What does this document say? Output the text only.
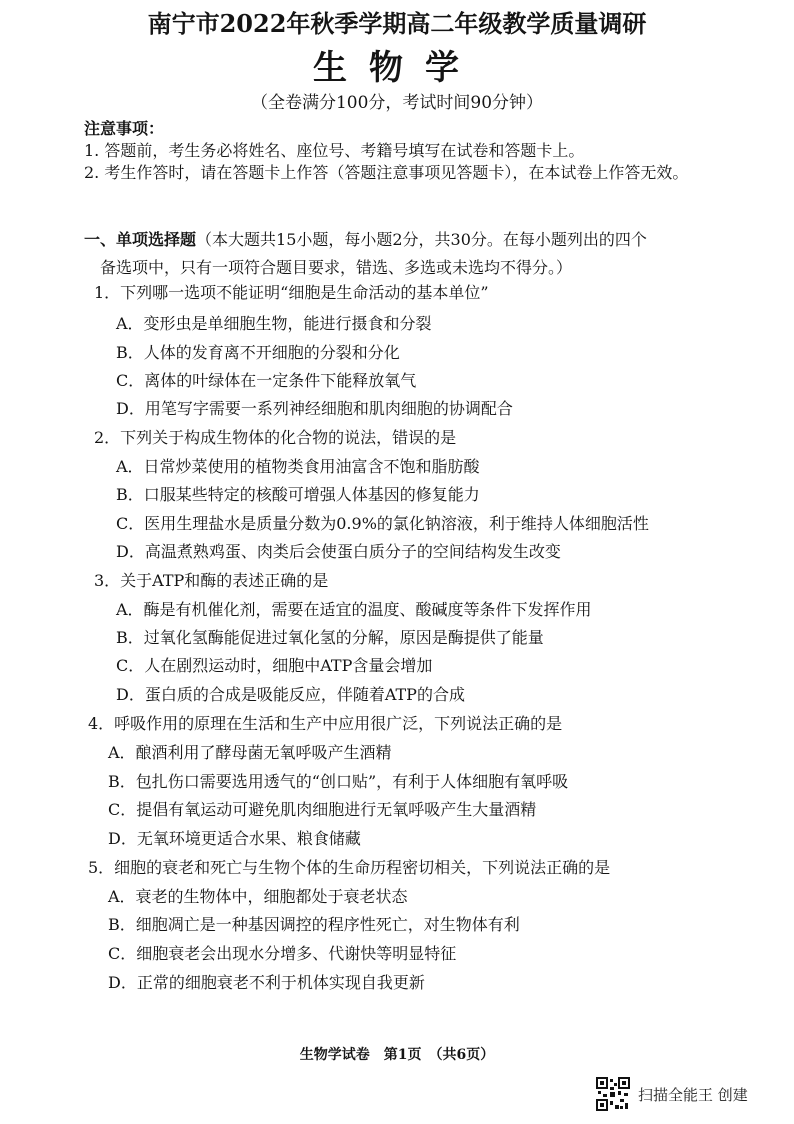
南宁市2022年秋季学期高二年级教学质量调研
生物学
（全卷满分100分，考试时间90分钟）
注意事项：
1. 答题前，考生务必将姓名、座位号、考籍号填写在试卷和答题卡上。
2. 考生作答时，请在答题卡上作答（答题注意事项见答题卡），在本试卷上作答无效。
一、单项选择题（本大题共15小题，每小题2分，共30分。在每小题列出的四个
备选项中，只有一项符合题目要求，错选、多选或未选均不得分。）
1．下列哪一选项不能证明“细胞是生命活动的基本单位”
A．变形虫是单细胞生物，能进行摄食和分裂
B．人体的发育离不开细胞的分裂和分化
C．离体的叶绿体在一定条件下能释放氧气
D．用笔写字需要一系列神经细胞和肌肉细胞的协调配合
2．下列关于构成生物体的化合物的说法，错误的是
A．日常炒菜使用的植物类食用油富含不饱和脂肪酸
B．口服某些特定的核酸可增强人体基因的修复能力
C．医用生理盐水是质量分数为0.9%的氯化钠溶液，利于维持人体细胞活性
D．高温煮熟鸡蛋、肉类后会使蛋白质分子的空间结构发生改变
3．关于ATP和酶的表述正确的是
A．酶是有机催化剂，需要在适宜的温度、酸碱度等条件下发挥作用
B．过氧化氢酶能促进过氧化氢的分解，原因是酶提供了能量
C．人在剧烈运动时，细胞中ATP含量会增加
D．蛋白质的合成是吸能反应，伴随着ATP的合成
4．呼吸作用的原理在生活和生产中应用很广泛，下列说法正确的是
A．酿酒利用了酵母菌无氧呼吸产生酒精
B．包扎伤口需要选用透气的“创口贴”，有利于人体细胞有氧呼吸
C．提倡有氧运动可避免肌肉细胞进行无氧呼吸产生大量酒精
D．无氧环境更适合水果、粮食储藏
5．细胞的衰老和死亡与生物个体的生命历程密切相关，下列说法正确的是
A．衰老的生物体中，细胞都处于衰老状态
B．细胞凋亡是一种基因调控的程序性死亡，对生物体有利
C．细胞衰老会出现水分增多、代谢快等明显特征
D．正常的细胞衰老不利于机体实现自我更新
生物学试卷　第1页　（共6页）
扫描全能王 创建
